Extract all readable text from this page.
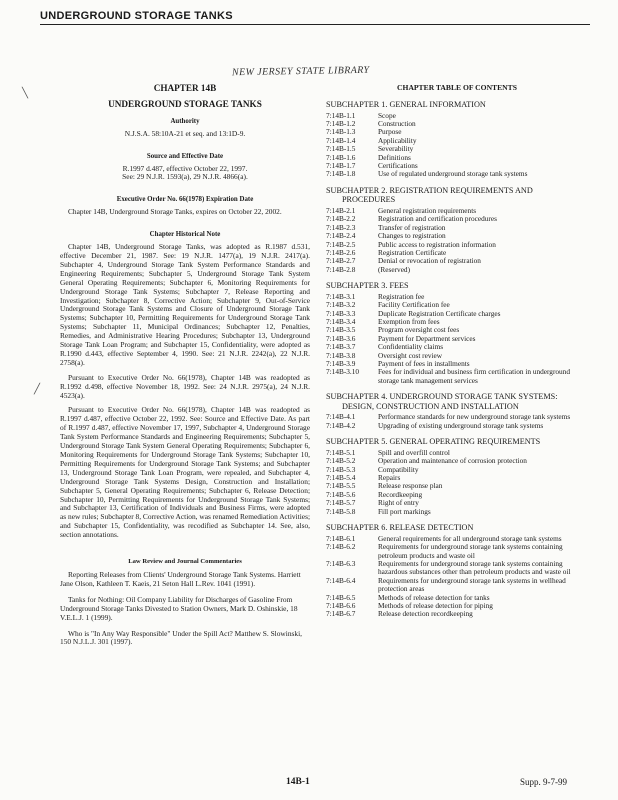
UNDERGROUND STORAGE TANKS
NEW JERSEY STATE LIBRARY
╲
╱

CHAPTER 14B

UNDERGROUND STORAGE TANKS

Authority

N.J.S.A. 58:10A-21 et seq. and 13:1D-9.

Source and Effective Date

R.1997 d.487, effective October 22, 1997.

See: 29 N.J.R. 1593(a), 29 N.J.R. 4866(a).

Executive Order No. 66(1978) Expiration Date

Chapter 14B, Underground Storage Tanks, expires on October 22, 2002.

Chapter Historical Note

Chapter 14B, Underground Storage Tanks, was adopted as R.1987 d.531, effective December 21, 1987. See: 19 N.J.R. 1477(a), 19 N.J.R. 2417(a). Subchapter 4, Underground Storage Tank System Performance Standards and Engineering Requirements; Subchapter 5, Underground Storage Tank System General Operating Requirements; Subchapter 6, Monitoring Requirements for Underground Storage Tank Systems; Subchapter 7, Release Reporting and Investigation; Subchapter 8, Corrective Action; Subchapter 9, Out-of-Service Underground Storage Tank Systems and Closure of Underground Storage Tank Systems; Subchapter 10, Permitting Requirements for Underground Storage Tank Systems; Subchapter 11, Municipal Ordinances; Subchapter 12, Penalties, Remedies, and Administrative Hearing Procedures; Subchapter 13, Underground Storage Tank Loan Program; and Subchapter 15, Confidentiality, were adopted as R.1990 d.443, effective September 4, 1990. See: 21 N.J.R. 2242(a), 22 N.J.R. 2758(a).

Pursuant to Executive Order No. 66(1978), Chapter 14B was readopted as R.1992 d.498, effective November 18, 1992. See: 24 N.J.R. 2975(a), 24 N.J.R. 4523(a).

Pursuant to Executive Order No. 66(1978), Chapter 14B was readopted as R.1997 d.487, effective October 22, 1992. See: Source and Effective Date. As part of R.1997 d.487, effective November 17, 1997, Subchapter 4, Underground Storage Tank System Performance Standards and Engineering Requirements; Subchapter 5, Underground Storage Tank System General Operating Requirements; Subchapter 6, Monitoring Requirements for Underground Storage Tank Systems; Subchapter 10, Permitting Requirements for Underground Storage Tank Systems; and Subchapter 13, Underground Storage Tank Loan Program, were repealed, and Subchapter 4, Underground Storage Tank Systems Design, Construction and Installation; Subchapter 5, General Operating Requirements; Subchapter 6, Release Detection; Subchapter 10, Permitting Requirements for Underground Storage Tank Systems; and Subchapter 13, Certification of Individuals and Business Firms, were adopted as new rules; Subchapter 8, Corrective Action, was renamed Remediation Activities; and Subchapter 15, Confidentiality, was recodified as Subchapter 14. See, also, section annotations.

Law Review and Journal Commentaries

Reporting Releases from Clients' Underground Storage Tank Systems. Harriett Jane Olson, Kathleen T. Kaeis, 21 Seton Hall L.Rev. 1041 (1991).

Tanks for Nothing: Oil Company Liability for Discharges of Gasoline From Underground Storage Tanks Divested to Station Owners, Mark D. Oshinskie, 18 V.E.L.J. 1 (1999).

Who is "In Any Way Responsible" Under the Spill Act? Matthew S. Slowinski, 150 N.J.L.J. 301 (1997).

CHAPTER TABLE OF CONTENTS

SUBCHAPTER 1. GENERAL INFORMATION
7:14B-1.1	Scope
7:14B-1.2	Construction
7:14B-1.3	Purpose
7:14B-1.4	Applicability
7:14B-1.5	Severability
7:14B-1.6	Definitions
7:14B-1.7	Certifications
7:14B-1.8	Use of regulated underground storage tank systems
SUBCHAPTER 2. REGISTRATION REQUIREMENTS AND PROCEDURES
7:14B-2.1	General registration requirements
7:14B-2.2	Registration and certification procedures
7:14B-2.3	Transfer of registration
7:14B-2.4	Changes to registration
7:14B-2.5	Public access to registration information
7:14B-2.6	Registration Certificate
7:14B-2.7	Denial or revocation of registration
7:14B-2.8	(Reserved)
SUBCHAPTER 3. FEES
7:14B-3.1	Registration fee
7:14B-3.2	Facility Certification fee
7:14B-3.3	Duplicate Registration Certificate charges
7:14B-3.4	Exemption from fees
7:14B-3.5	Program oversight cost fees
7:14B-3.6	Payment for Department services
7:14B-3.7	Confidentiality claims
7:14B-3.8	Oversight cost review
7:14B-3.9	Payment of fees in installments
7:14B-3.10	Fees for individual and business firm certification in underground storage tank management services
SUBCHAPTER 4. UNDERGROUND STORAGE TANK SYSTEMS: DESIGN, CONSTRUCTION AND INSTALLATION
7:14B-4.1	Performance standards for new underground storage tank systems
7:14B-4.2	Upgrading of existing underground storage tank systems
SUBCHAPTER 5. GENERAL OPERATING REQUIREMENTS
7:14B-5.1	Spill and overfill control
7:14B-5.2	Operation and maintenance of corrosion protection
7:14B-5.3	Compatibility
7:14B-5.4	Repairs
7:14B-5.5	Release response plan
7:14B-5.6	Recordkeeping
7:14B-5.7	Right of entry
7:14B-5.8	Fill port markings
SUBCHAPTER 6. RELEASE DETECTION
7:14B-6.1	General requirements for all underground storage tank systems
7:14B-6.2	Requirements for underground storage tank systems containing petroleum products and waste oil
7:14B-6.3	Requirements for underground storage tank systems containing hazardous substances other than petroleum products and waste oil
7:14B-6.4	Requirements for underground storage tank systems in wellhead protection areas
7:14B-6.5	Methods of release detection for tanks
7:14B-6.6	Methods of release detection for piping
7:14B-6.7	Release detection recordkeeping
14B-1	Supp. 9-7-99
